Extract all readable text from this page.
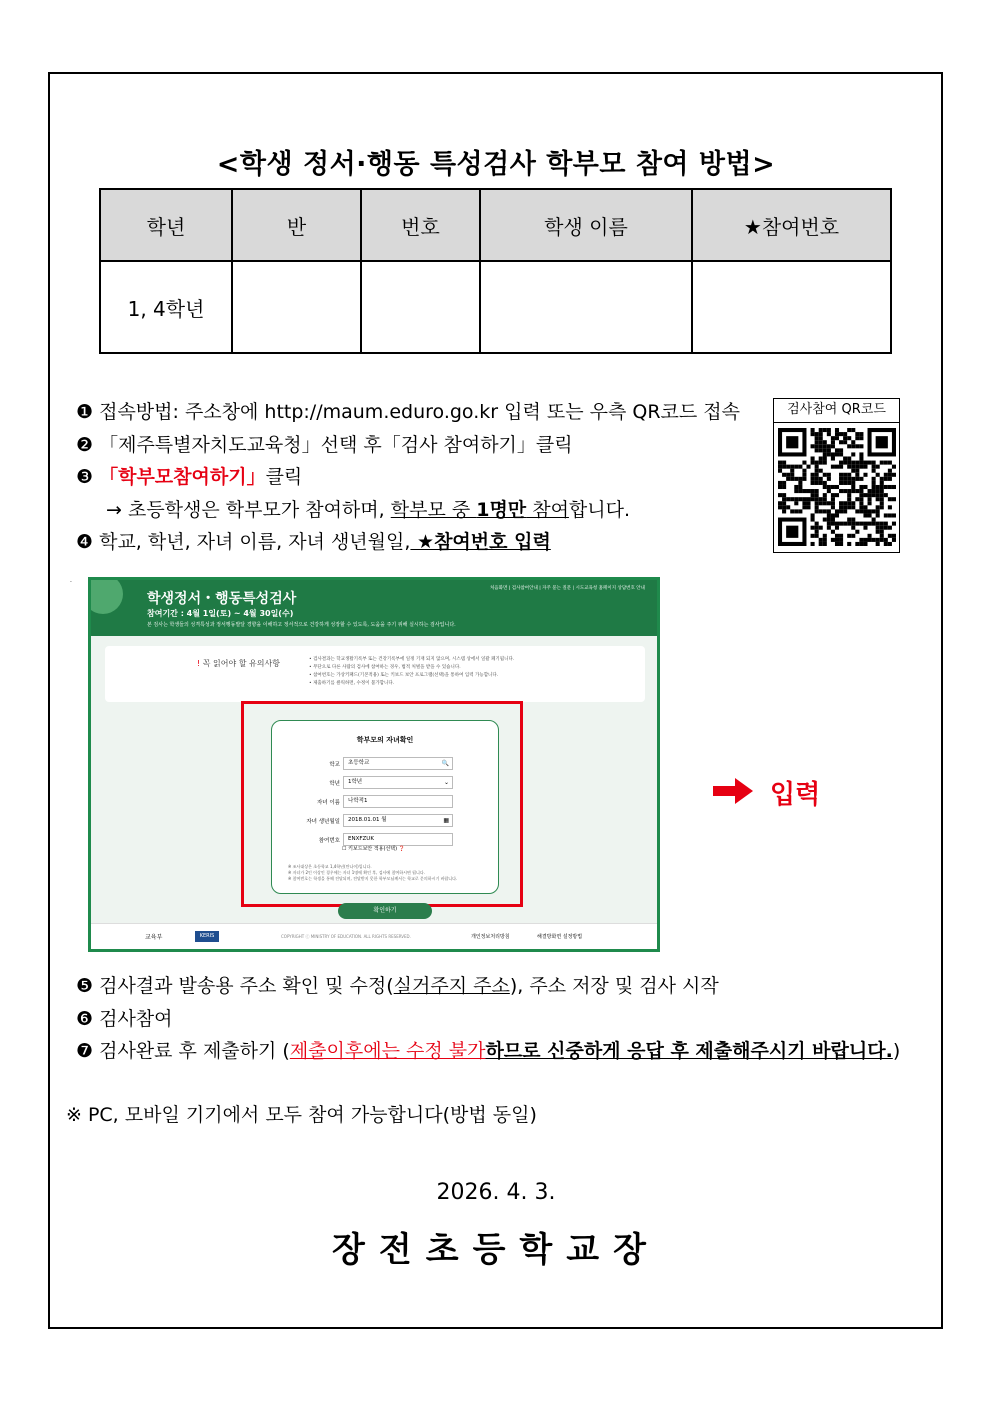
<학생 정서·행동 특성검사 학부모 참여 방법>
학년	반	번호	학생 이름	★참여번호
1, 4학년				
❶ 접속방법: 주소창에 http://maum.eduro.go.kr 입력 또는 우측 QR코드 접속
❷ 「제주특별자치도교육청」선택 후「검사 참여하기」클릭
❸ 「학부모참여하기」클릭
→ 초등학생은 학부모가 참여하며, 학부모 중 1명만 참여합니다.
❹ 학교, 학년, 자녀 이름, 자녀 생년월일, ★참여번호 입력
검사참여 QR코드
.
학생정서・행동특성검사
참여기간 : 4월 1일(토) ~ 4월 30일(수)
본 검사는 학생들의 성격특성과 정서행동발달 경향을 이해하고 정서적으로 건강하게 성장할 수 있도록, 도움을 주기 위해 실시하는 검사입니다.
처음화면 | 검사참여안내 | 자주 묻는 질문 | 시도교육청 홈페이지 상담번호 안내
! 꼭 읽어야 할 유의사항	• 검사결과는 학교생활기록부 또는 건강기록부에 일정 기재 되지 않으며, 시스템 상에서 일괄 폐기됩니다.
• 무단으로 다른 사람의 검사에 참여하는 경우, 법적 처벌을 받을 수 있습니다.
• 참여번호는 가상키패드(기본적용) 또는 키보드 보안 프로그램(선택)을 통하여 입력 가능합니다.
• 제출하기를 클릭하면, 수정이 불가합니다.
학부모의 자녀확인
학교	초등학교	🔍
학년	1학년	⌄
자녀 이름	나학적1
자녀 생년월일	2018.01.01 월	▦
참여번호	ENXFZUK
☐ 키보드보안 적용(선택) ❓
※ 조사대상은 초등학교 1,4학년(만나이)입니다.
※ 자녀가 2인 이상인 경우에는 자녀 1명에 확인 후, 검사에 참여하시면 됩니다.
※ 참여번호는 학생을 통해 전달되며, 전달받지 못한 학부모님께서는 학교로 문의하시기 바랍니다.
확인하기
교육부	KERIS	COPYRIGHT ⓒ MINISTRY OF EDUCATION. ALL RIGHTS RESERVED.	개인정보처리방침	해결방화면 설정방법
입력
❺ 검사결과 발송용 주소 확인 및 수정(실거주지 주소), 주소 저장 및 검사 시작
❻ 검사참여
❼ 검사완료 후 제출하기 (제출이후에는 수정 불가하므로 신중하게 응답 후 제출해주시기 바랍니다.)
※ PC, 모바일 기기에서 모두 참여 가능합니다(방법 동일)
2026. 4. 3.
장전초등학교장
